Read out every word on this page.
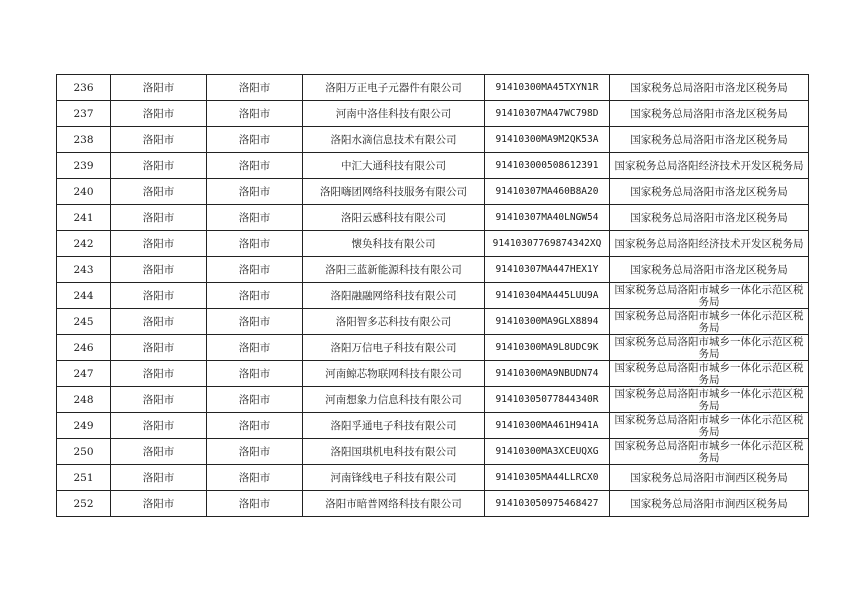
236	洛阳市	洛阳市	洛阳万正电子元器件有限公司	91410300MA45TXYN1R	国家税务总局洛阳市洛龙区税务局
237	洛阳市	洛阳市	河南中洛佳科技有限公司	91410307MA47WC798D	国家税务总局洛阳市洛龙区税务局
238	洛阳市	洛阳市	洛阳水滴信息技术有限公司	91410300MA9M2QK53A	国家税务总局洛阳市洛龙区税务局
239	洛阳市	洛阳市	中汇大通科技有限公司	914103000508612391	国家税务总局洛阳经济技术开发区税务局
240	洛阳市	洛阳市	洛阳嗨团网络科技服务有限公司	91410307MA460B8A20	国家税务总局洛阳市洛龙区税务局
241	洛阳市	洛阳市	洛阳云感科技有限公司	91410307MA40LNGW54	国家税务总局洛阳市洛龙区税务局
242	洛阳市	洛阳市	懐奂科技有限公司	91410307769874342XQ	国家税务总局洛阳经济技术开发区税务局
243	洛阳市	洛阳市	洛阳三蓝新能源科技有限公司	91410307MA447HEX1Y	国家税务总局洛阳市洛龙区税务局
244	洛阳市	洛阳市	洛阳融融网络科技有限公司	91410304MA445LUU9A	国家税务总局洛阳市城乡一体化示范区税务局
245	洛阳市	洛阳市	洛阳智多芯科技有限公司	91410300MA9GLX8894	国家税务总局洛阳市城乡一体化示范区税务局
246	洛阳市	洛阳市	洛阳万信电子科技有限公司	91410300MA9L8UDC9K	国家税务总局洛阳市城乡一体化示范区税务局
247	洛阳市	洛阳市	河南鲸芯物联网科技有限公司	91410300MA9NBUDN74	国家税务总局洛阳市城乡一体化示范区税务局
248	洛阳市	洛阳市	河南想象力信息科技有限公司	91410305077844340R	国家税务总局洛阳市城乡一体化示范区税务局
249	洛阳市	洛阳市	洛阳孚通电子科技有限公司	91410300MA461H941A	国家税务总局洛阳市城乡一体化示范区税务局
250	洛阳市	洛阳市	洛阳国琪机电科技有限公司	91410300MA3XCEUQXG	国家税务总局洛阳市城乡一体化示范区税务局
251	洛阳市	洛阳市	河南锋线电子科技有限公司	91410305MA44LLRCX0	国家税务总局洛阳市涧西区税务局
252	洛阳市	洛阳市	洛阳市暗普网络科技有限公司	914103050975468427	国家税务总局洛阳市涧西区税务局
